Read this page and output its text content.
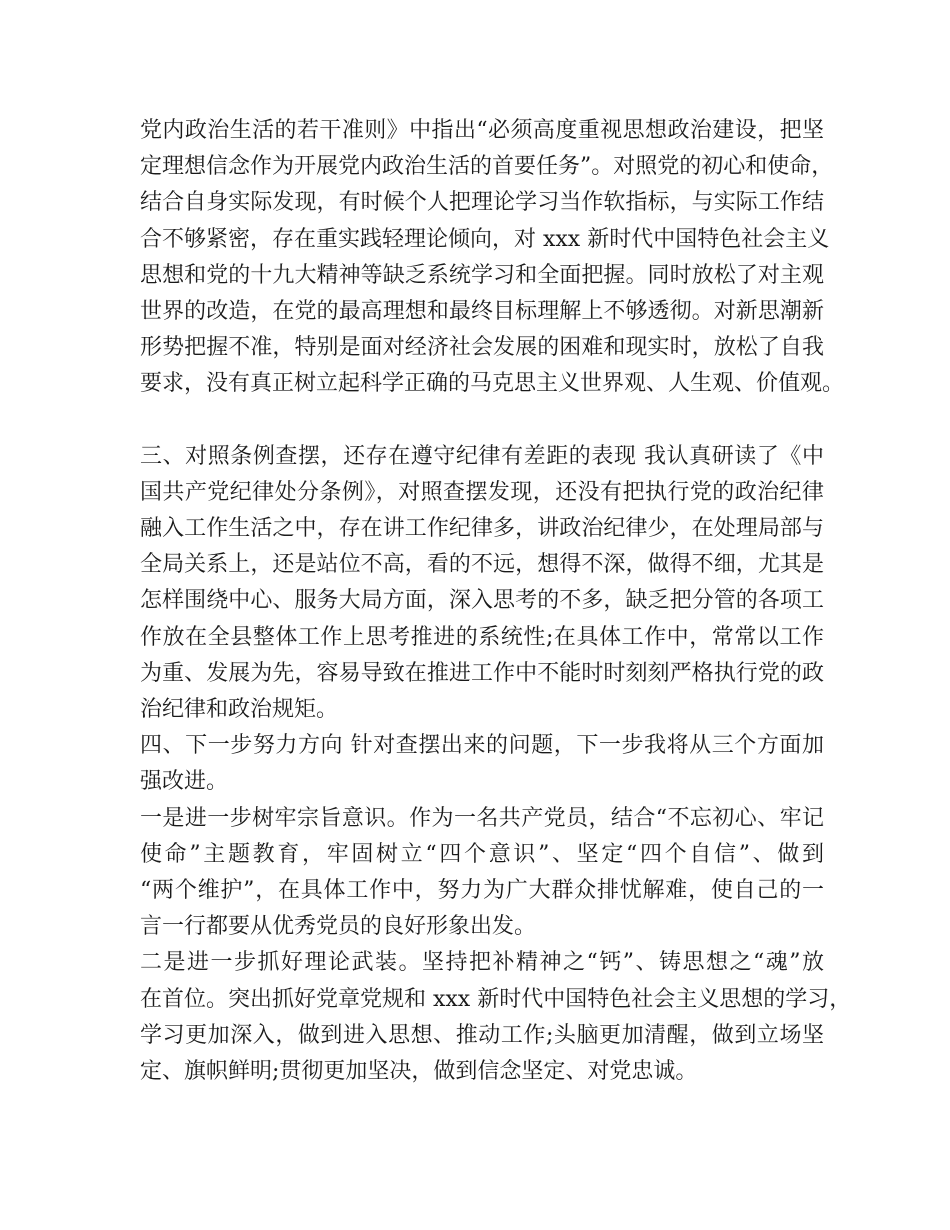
党内政治生活的若干准则》中指出“必须高度重视思想政治建设，把坚
定理想信念作为开展党内政治生活的首要任务”。对照党的初心和使命，
结合自身实际发现，有时候个人把理论学习当作软指标，与实际工作结
合不够紧密，存在重实践轻理论倾向，对 xxx 新时代中国特色社会主义
思想和党的十九大精神等缺乏系统学习和全面把握。同时放松了对主观
世界的改造，在党的最高理想和最终目标理解上不够透彻。对新思潮新
形势把握不准，特别是面对经济社会发展的困难和现实时，放松了自我
要求，没有真正树立起科学正确的马克思主义世界观、人生观、价值观。
三、对照条例查摆，还存在遵守纪律有差距的表现 我认真研读了《中
国共产党纪律处分条例》，对照查摆发现，还没有把执行党的政治纪律
融入工作生活之中，存在讲工作纪律多，讲政治纪律少，在处理局部与
全局关系上，还是站位不高，看的不远，想得不深，做得不细，尤其是
怎样围绕中心、服务大局方面，深入思考的不多，缺乏把分管的各项工
作放在全县整体工作上思考推进的系统性;在具体工作中，常常以工作
为重、发展为先，容易导致在推进工作中不能时时刻刻严格执行党的政
治纪律和政治规矩。
四、下一步努力方向 针对查摆出来的问题，下一步我将从三个方面加
强改进。
一是进一步树牢宗旨意识。作为一名共产党员，结合“不忘初心、牢记
使命”主题教育，牢固树立“四个意识”、坚定“四个自信”、做到
“两个维护”，在具体工作中，努力为广大群众排忧解难，使自己的一
言一行都要从优秀党员的良好形象出发。
二是进一步抓好理论武装。坚持把补精神之“钙”、铸思想之“魂”放
在首位。突出抓好党章党规和 xxx 新时代中国特色社会主义思想的学习，
学习更加深入，做到进入思想、推动工作;头脑更加清醒，做到立场坚
定、旗帜鲜明;贯彻更加坚决，做到信念坚定、对党忠诚。
